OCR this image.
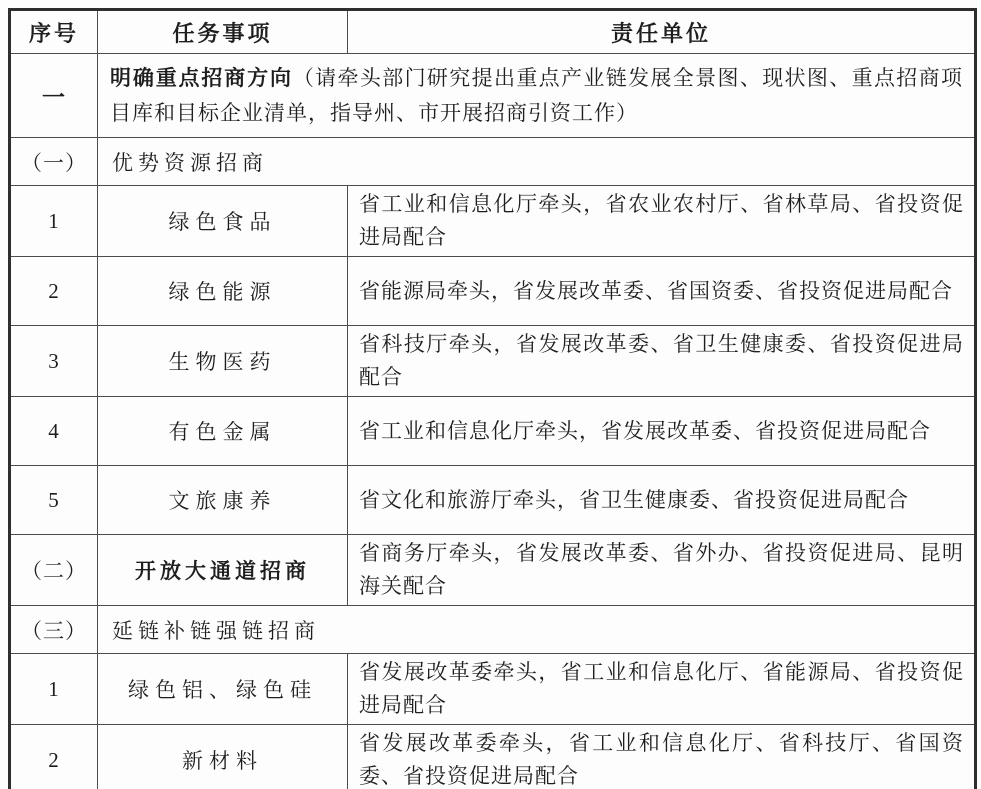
序号	任务事项	责任单位
一	明确重点招商方向（请牵头部门研究提出重点产业链发展全景图、现状图、重点招商项目库和目标企业清单，指导州、市开展招商引资工作）	
（一）	优势资源招商	
1	绿色食品	省工业和信息化厅牵头，省农业农村厅、省林草局、省投资促进局配合
2	绿色能源	省能源局牵头，省发展改革委、省国资委、省投资促进局配合
3	生物医药	省科技厅牵头，省发展改革委、省卫生健康委、省投资促进局配合
4	有色金属	省工业和信息化厅牵头，省发展改革委、省投资促进局配合
5	文旅康养	省文化和旅游厅牵头，省卫生健康委、省投资促进局配合
（二）	开放大通道招商	省商务厅牵头，省发展改革委、省外办、省投资促进局、昆明海关配合
（三）	延链补链强链招商	
1	绿色铝、绿色硅	省发展改革委牵头，省工业和信息化厅、省能源局、省投资促进局配合
2	新材料	省发展改革委牵头，省工业和信息化厅、省科技厅、省国资委、省投资促进局配合
